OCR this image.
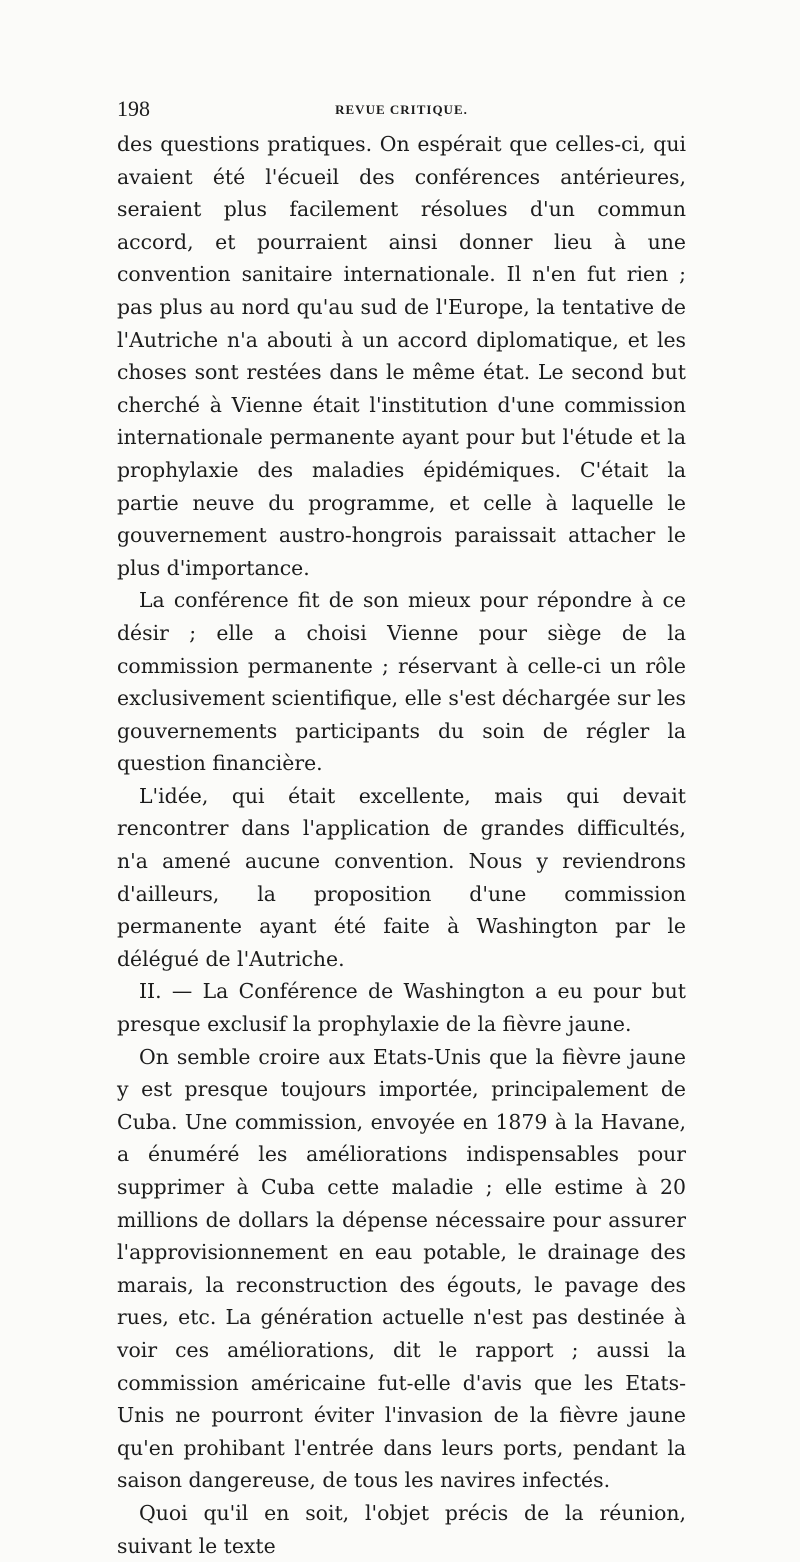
198	REVUE CRITIQUE.

des questions pratiques. On espérait que celles-ci, qui avaient été l'écueil des conférences antérieures, seraient plus facilement résolues d'un commun accord, et pourraient ainsi donner lieu à une convention sanitaire internationale. Il n'en fut rien ; pas plus au nord qu'au sud de l'Europe, la tentative de l'Autriche n'a abouti à un accord diplomatique, et les choses sont restées dans le même état. Le second but cherché à Vienne était l'institution d'une commission internationale permanente ayant pour but l'étude et la prophylaxie des maladies épidémiques. C'était la partie neuve du programme, et celle à laquelle le gouvernement austro-hongrois paraissait attacher le plus d'importance.

La conférence fit de son mieux pour répondre à ce désir ; elle a choisi Vienne pour siège de la commission permanente ; réservant à celle-ci un rôle exclusivement scientifique, elle s'est déchargée sur les gouvernements participants du soin de régler la question financière.

L'idée, qui était excellente, mais qui devait rencontrer dans l'application de grandes difficultés, n'a amené aucune convention. Nous y reviendrons d'ailleurs, la proposition d'une commission permanente ayant été faite à Washington par le délégué de l'Autriche.

II. — La Conférence de Washington a eu pour but presque exclusif la prophylaxie de la fièvre jaune.

On semble croire aux Etats-Unis que la fièvre jaune y est presque toujours importée, principalement de Cuba. Une commission, envoyée en 1879 à la Havane, a énuméré les améliorations indispensables pour supprimer à Cuba cette maladie ; elle estime à 20 millions de dollars la dépense nécessaire pour assurer l'approvisionnement en eau potable, le drainage des marais, la reconstruction des égouts, le pavage des rues, etc. La génération actuelle n'est pas destinée à voir ces améliorations, dit le rapport ; aussi la commission américaine fut-elle d'avis que les Etats-Unis ne pourront éviter l'invasion de la fièvre jaune qu'en prohibant l'entrée dans leurs ports, pendant la saison dangereuse, de tous les navires infectés.

Quoi qu'il en soit, l'objet précis de la réunion, suivant le texte
